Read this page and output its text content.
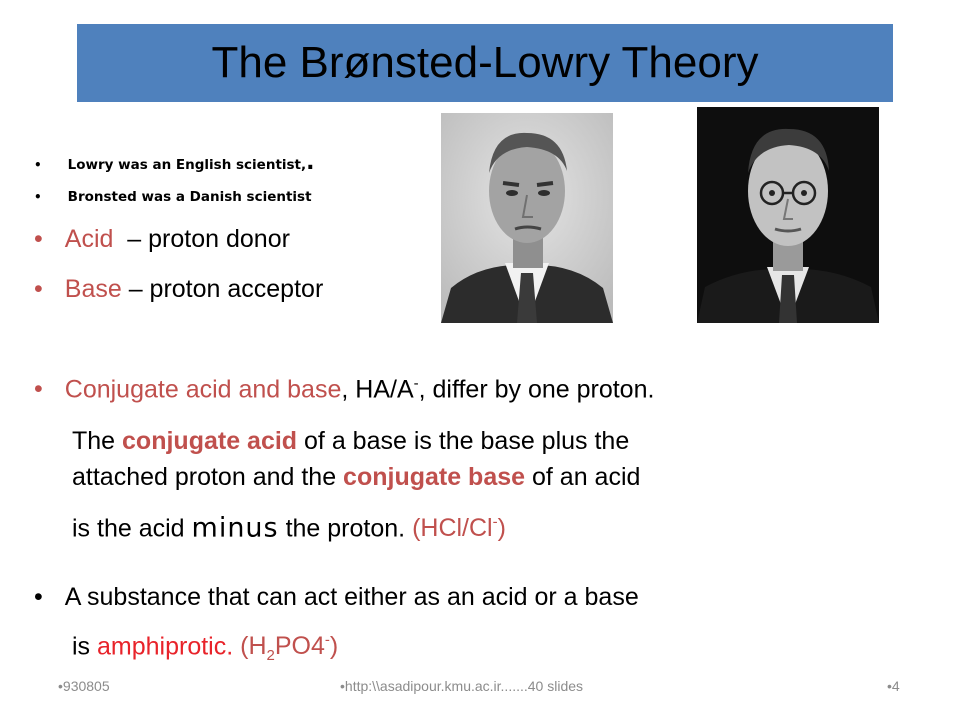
The Brønsted-Lowry Theory
• Lowry was an English scientist,.
• Bronsted was a Danish scientist
• Acid  – proton donor
• Base – proton acceptor
• Conjugate acid and base, HA/A-, differ by one proton.
The conjugate acid of a base is the base plus the
attached proton and the conjugate base of an acid
is the acid minus the proton. (HCl/Cl-)
• A substance that can act either as an acid or a base
is amphiprotic. $(H_2PO4^-)$
•930805	•http:\\asadipour.kmu.ac.ir.......40 slides	•4
